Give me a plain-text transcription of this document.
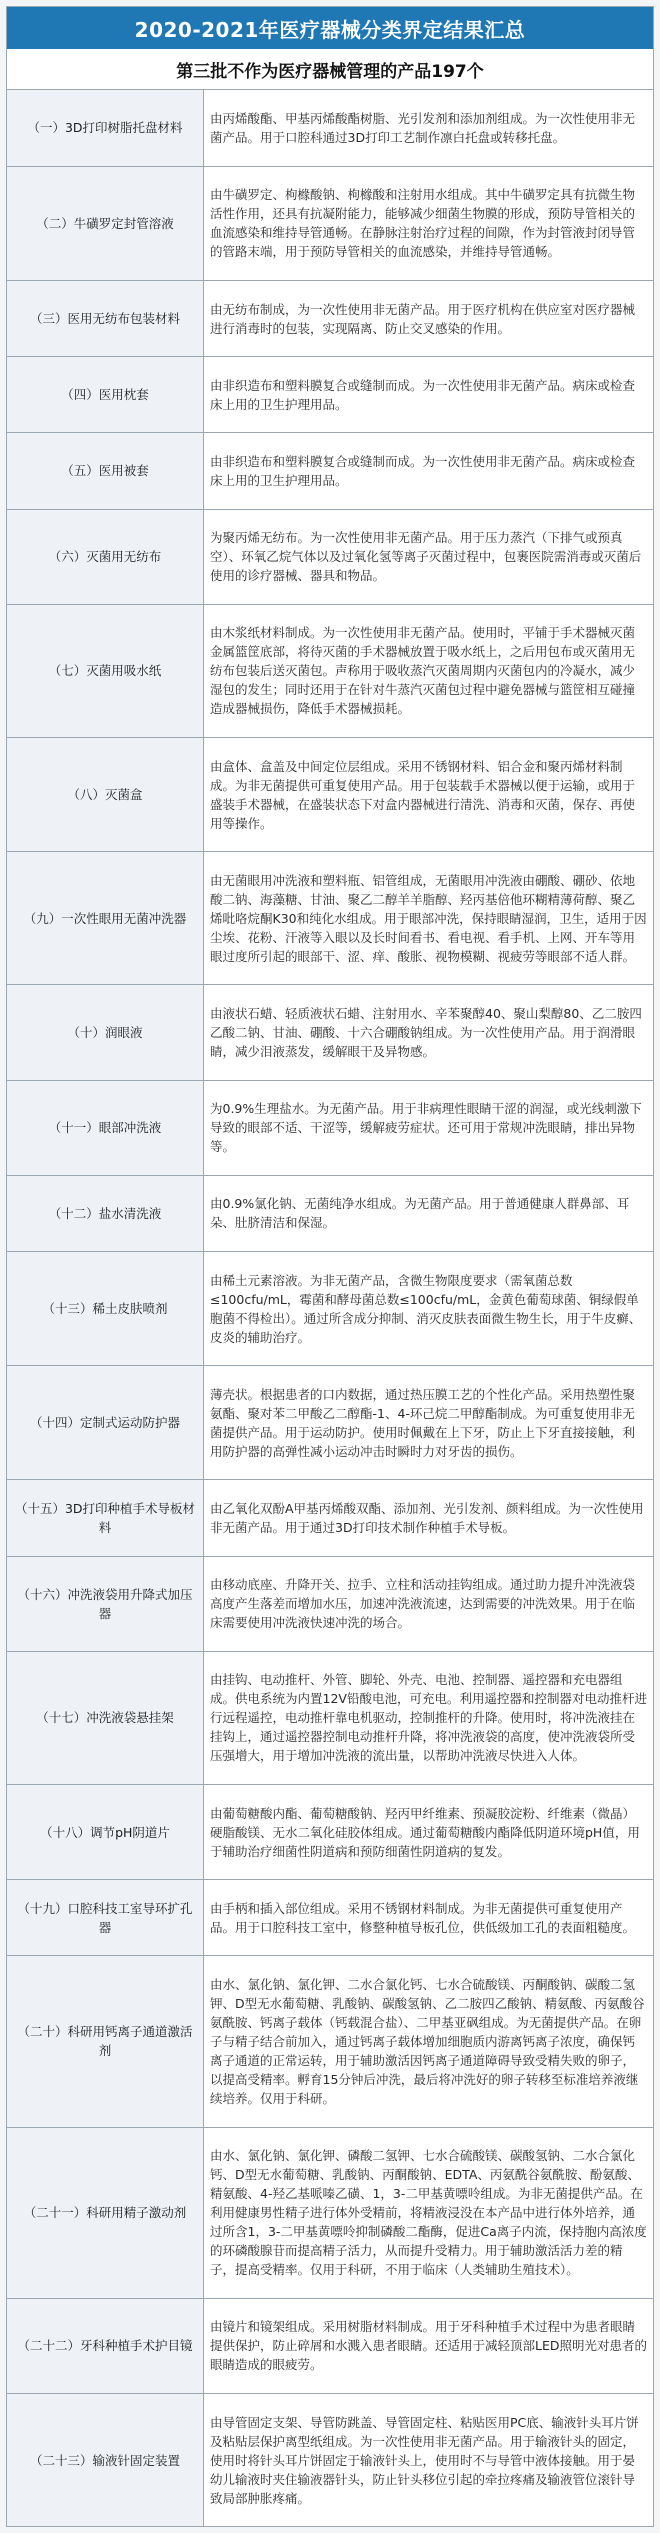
2020-2021年医疗器械分类界定结果汇总
第三批不作为医疗器械管理的产品197个
（一）3D打印树脂托盘材料	由丙烯酸酯、甲基丙烯酸酯树脂、光引发剂和添加剂组成。为一次性使用非无菌产品。用于口腔科通过3D打印工艺制作凛白托盘或转移托盘。
（二）牛磺罗定封管溶液	由牛磺罗定、枸橼酸钠、枸橼酸和注射用水组成。其中牛磺罗定具有抗微生物活性作用，还具有抗凝附能力，能够减少细菌生物膜的形成，预防导管相关的血流感染和维持导管通畅。在静脉注射治疗过程的间隙，作为封管液封闭导管的管路末端，用于预防导管相关的血流感染，并维持导管通畅。
（三）医用无纺布包装材料	由无纺布制成，为一次性使用非无菌产品。用于医疗机构在供应室对医疗器械进行消毒时的包装，实现隔离、防止交叉感染的作用。
（四）医用枕套	由非织造布和塑料膜复合或缝制而成。为一次性使用非无菌产品。病床或检查床上用的卫生护理用品。
（五）医用被套	由非织造布和塑料膜复合或缝制而成。为一次性使用非无菌产品。病床或检查床上用的卫生护理用品。
（六）灭菌用无纺布	为聚丙烯无纺布。为一次性使用非无菌产品。用于压力蒸汽（下排气或预真空）、环氧乙烷气体以及过氧化氢等离子灭菌过程中，包裹医院需消毒或灭菌后使用的诊疗器械、器具和物品。
（七）灭菌用吸水纸	由木浆纸材料制成。为一次性使用非无菌产品。使用时，平铺于手术器械灭菌金属篮筐底部，将待灭菌的手术器械放置于吸水纸上，之后用包布或灭菌用无纺布包装后送灭菌包。声称用于吸收蒸汽灭菌周期内灭菌包内的冷凝水，减少湿包的发生；同时还用于在针对牛蒸汽灭菌包过程中避免器械与篮筐相互碰撞造成器械损伤，降低手术器械损耗。
（八）灭菌盒	由盒体、盒盖及中间定位层组成。采用不锈钢材料、铝合金和聚丙烯材料制成。为非无菌提供可重复使用产品。用于包装载手术器械以便于运输，或用于盛装手术器械，在盛装状态下对盒内器械进行清洗、消毒和灭菌，保存、再使用等操作。
（九）一次性眼用无菌冲洗器	由无菌眼用冲洗液和塑料瓶、铝管组成，无菌眼用冲洗液由硼酸、硼砂、依地酸二钠、海藻糖、甘油、聚乙二醇羊羊脂醇、羟丙基倍他环糊精薄荷醇、聚乙烯吡咯烷酮K30和纯化水组成。用于眼部冲洗，保持眼睛湿润，卫生，适用于因尘埃、花粉、汗液等入眼以及长时间看书、看电视、看手机、上网、开车等用眼过度所引起的眼部干、涩、痒、酸胀、视物模糊、视疲劳等眼部不适人群。
（十）润眼液	由液状石蜡、轻质液状石蜡、注射用水、辛苯聚醇40、聚山梨醇80、乙二胺四乙酸二钠、甘油、硼酸、十六合硼酸钠组成。为一次性使用产品。用于润滑眼睛，减少泪液蒸发，缓解眼干及异物感。
（十一）眼部冲洗液	为0.9%生理盐水。为无菌产品。用于非病理性眼睛干涩的润湿，或光线刺激下导致的眼部不适、干涩等，缓解疲劳症状。还可用于常规冲洗眼睛，排出异物等。
（十二）盐水清洗液	由0.9%氯化钠、无菌纯净水组成。为无菌产品。用于普通健康人群鼻部、耳朵、肚脐清洁和保湿。
（十三）稀土皮肤喷剂	由稀土元素溶液。为非无菌产品，含微生物限度要求（需氧菌总数≤100cfu/mL，霉菌和酵母菌总数≤100cfu/mL，金黄色葡萄球菌、铜绿假单胞菌不得检出）。通过所含成分抑制、消灭皮肤表面微生物生长，用于牛皮癣、皮炎的辅助治疗。
（十四）定制式运动防护器	薄壳状。根据患者的口内数据，通过热压膜工艺的个性化产品。采用热塑性聚氨酯、聚对苯二甲酸乙二醇酯-1、4-环己烷二甲醇酯制成。为可重复使用非无菌提供产品。用于运动防护。使用时佩戴在上下牙，防止上下牙直接接触，利用防护器的高弹性减小运动冲击时瞬时力对牙齿的损伤。
（十五）3D打印种植手术导板材料	由乙氧化双酚A甲基丙烯酸双酯、添加剂、光引发剂、颜料组成。为一次性使用非无菌产品。用于通过3D打印技术制作种植手术导板。
（十六）冲洗液袋用升降式加压器	由移动底座、升降开关、拉手、立柱和活动挂钩组成。通过助力提升冲洗液袋高度产生落差而增加水压，加速冲洗液流速，达到需要的冲洗效果。用于在临床需要使用冲洗液快速冲洗的场合。
（十七）冲洗液袋悬挂架	由挂钩、电动推杆、外管、脚轮、外壳、电池、控制器、遥控器和充电器组成。供电系统为内置12V铅酸电池，可充电。利用遥控器和控制器对电动推杆进行远程遥控，电动推杆靠电机驱动，控制推杆的升降。使用时，将冲洗液挂在挂钩上，通过遥控器控制电动推杆升降，将冲洗液袋的高度，使冲洗液袋所受压强增大，用于增加冲洗液的流出量，以帮助冲洗液尽快进入人体。
（十八）调节pH阴道片	由葡萄糖酸内酯、葡萄糖酸钠、羟丙甲纤维素、预凝胶淀粉、纤维素（微晶）硬脂酸镁、无水二氧化硅胶体组成。通过葡萄糖酸内酯降低阴道环境pH值，用于辅助治疗细菌性阴道病和预防细菌性阴道病的复发。
（十九）口腔科技工室导环扩孔器	由手柄和插入部位组成。采用不锈钢材料制成。为非无菌提供可重复使用产品。用于口腔科技工室中，修整种植导板孔位，供低级加工孔的表面粗糙度。
（二十）科研用钙离子通道激活剂	由水、氯化钠、氯化钾、二水合氯化钙、七水合硫酸镁、丙酮酸钠、碳酸二氢钾、D型无水葡萄糖、乳酸钠、碳酸氢钠、乙二胺四乙酸钠、精氨酸、丙氨酸谷氨酰胺、钙离子载体（钙载混合盐）、二甲基亚砜组成。为无菌提供产品。在卵子与精子结合前加入，通过钙离子载体增加细胞质内游离钙离子浓度，确保钙离子通道的正常运转，用于辅助激活因钙离子通道障碍导致受精失败的卵子，以提高受精率。孵育15分钟后冲洗，最后将冲洗好的卵子转移至标准培养液继续培养。仅用于科研。
（二十一）科研用精子激动剂	由水、氯化钠、氯化钾、磷酸二氢钾、七水合硫酸镁、碳酸氢钠、二水合氯化钙、D型无水葡萄糖、乳酸钠、丙酮酸钠、EDTA、丙氨酰谷氨酰胺、酚氨酸、精氨酸、4-羟乙基哌嗪乙磺、1，3-二甲基黄嘌呤组成。为非无菌提供产品。在利用健康男性精子进行体外受精前，将精液浸没在本产品中进行体外培养，通过所含1，3-二甲基黄嘌呤抑制磷酸二酯酶，促进Ca离子内流，保持胞内高浓度的环磷酸腺苷而提高精子活力，从而提升受精力。用于辅助激活活力差的精子，提高受精率。仅用于科研，不用于临床（人类辅助生殖技术）。
（二十二）牙科种植手术护目镜	由镜片和镜架组成。采用树脂材料制成。用于牙科种植手术过程中为患者眼睛提供保护，防止碎屑和水溅入患者眼睛。还适用于减轻顶部LED照明光对患者的眼睛造成的眼疲劳。
（二十三）输液针固定装置	由导管固定支架、导管防跳盖、导管固定柱、粘贴医用PC底、输液针头耳片饼及粘贴层保护离型纸组成。为一次性使用非无菌产品。用于输液针头的固定，使用时将针头耳片饼固定于输液针头上，使用时不与导管中液体接触。用于晏幼儿输液时夹住输液器针头，防止针头移位引起的牵拉疼痛及输液管位滚针导致局部肿胀疼痛。
